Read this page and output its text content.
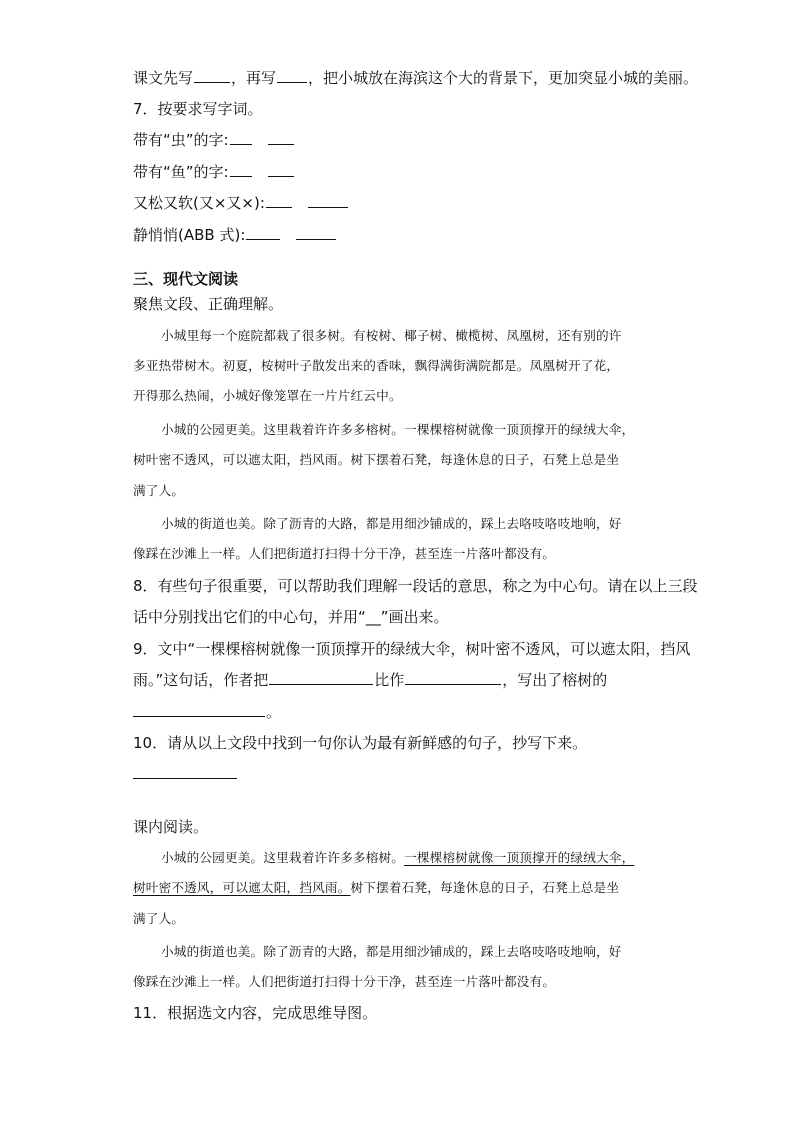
课文先写	，再写 ，把小城放在海滨这个大的背景下，更加突显小城的美丽。
7．按要求写字词。
带有“虫”的字:
带有“鱼”的字:
又松又软(又×又×):
静悄悄(ABB 式):
三、现代文阅读
聚焦文段、正确理解。
小城里每一个庭院都栽了很多树。有桉树、椰子树、橄榄树、凤凰树，还有别的许
多亚热带树木。初夏，桉树叶子散发出来的香味，飘得满街满院都是。凤凰树开了花，
开得那么热闹，小城好像笼罩在一片片红云中。
小城的公园更美。这里栽着许许多多榕树。一棵棵榕树就像一顶顶撑开的绿绒大伞，
树叶密不透风，可以遮太阳，挡风雨。树下摆着石凳，每逢休息的日子，石凳上总是坐
满了人。
小城的街道也美。除了沥青的大路，都是用细沙铺成的，踩上去咯吱咯吱地响，好
像踩在沙滩上一样。人们把街道打扫得十分干净，甚至连一片落叶都没有。
8．有些句子很重要，可以帮助我们理解一段话的意思，称之为中心句。请在以上三段
话中分别找出它们的中心句，并用“__”画出来。
9．文中“一棵棵榕树就像一顶顶撑开的绿绒大伞，树叶密不透风，可以遮太阳，挡风
雨。”这句话，作者把	比作	，写出了榕树的
。
10．请从以上文段中找到一句你认为最有新鲜感的句子，抄写下来。
课内阅读。
小城的公园更美。这里栽着许许多多榕树。一棵棵榕树就像一顶顶撑开的绿绒大伞，
树叶密不透风，可以遮太阳，挡风雨。树下摆着石凳，每逢休息的日子，石凳上总是坐
满了人。
小城的街道也美。除了沥青的大路，都是用细沙铺成的，踩上去咯吱咯吱地响，好
像踩在沙滩上一样。人们把街道打扫得十分干净，甚至连一片落叶都没有。
11．根据选文内容，完成思维导图。
